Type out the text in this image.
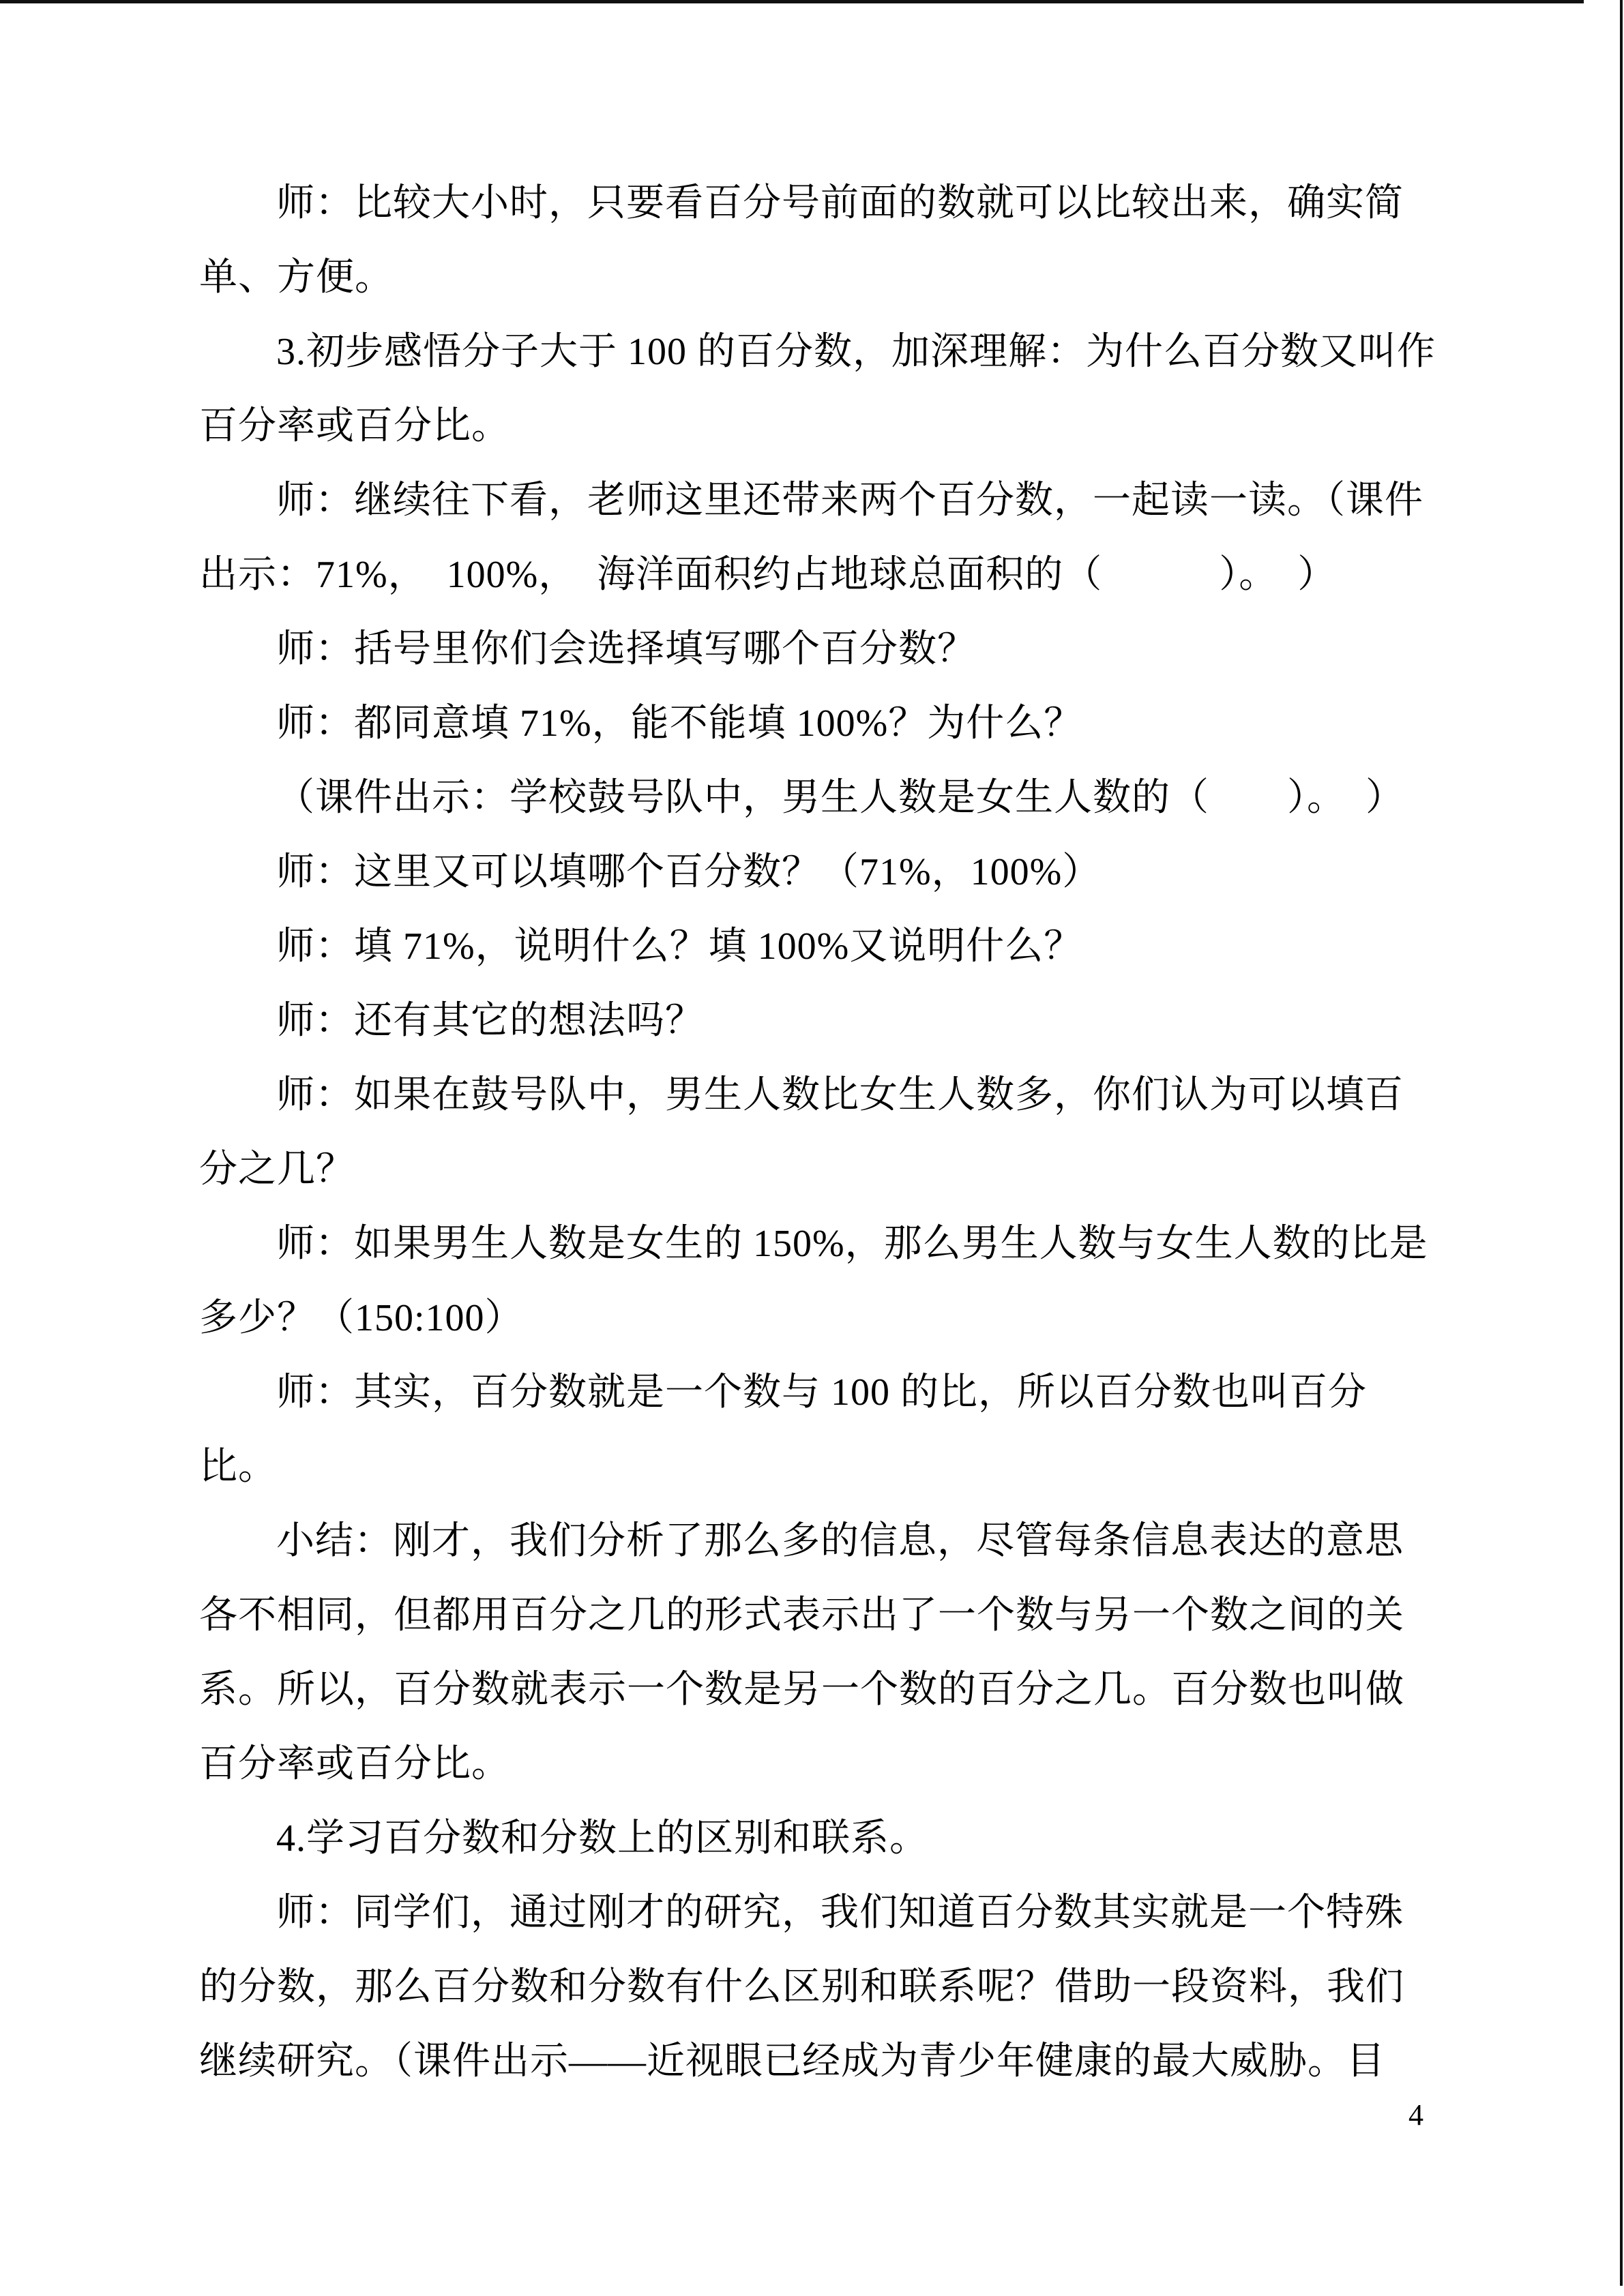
师：比较大小时，只要看百分号前面的数就可以比较出来，确实简
单、方便。
3.初步感悟分子大于 100 的百分数，加深理解：为什么百分数又叫作
百分率或百分比。
师：继续往下看，老师这里还带来两个百分数，一起读一读。（课件
出示：71%，　100%，　海洋面积约占地球总面积的（　　　）。　）
师：括号里你们会选择填写哪个百分数？
师：都同意填 71%，能不能填 100%？为什么？
（课件出示：学校鼓号队中，男生人数是女生人数的（　　）。　）
师：这里又可以填哪个百分数？（71%，100%）
师：填 71%，说明什么？填 100%又说明什么？
师：还有其它的想法吗？
师：如果在鼓号队中，男生人数比女生人数多，你们认为可以填百
分之几？
师：如果男生人数是女生的 150%，那么男生人数与女生人数的比是
多少？（150:100）
师：其实，百分数就是一个数与 100 的比，所以百分数也叫百分
比。
小结：刚才，我们分析了那么多的信息，尽管每条信息表达的意思
各不相同，但都用百分之几的形式表示出了一个数与另一个数之间的关
系。所以，百分数就表示一个数是另一个数的百分之几。百分数也叫做
百分率或百分比。
4.学习百分数和分数上的区别和联系。
师：同学们，通过刚才的研究，我们知道百分数其实就是一个特殊
的分数，那么百分数和分数有什么区别和联系呢？借助一段资料，我们
继续研究。（课件出示——近视眼已经成为青少年健康的最大威胁。目
4
